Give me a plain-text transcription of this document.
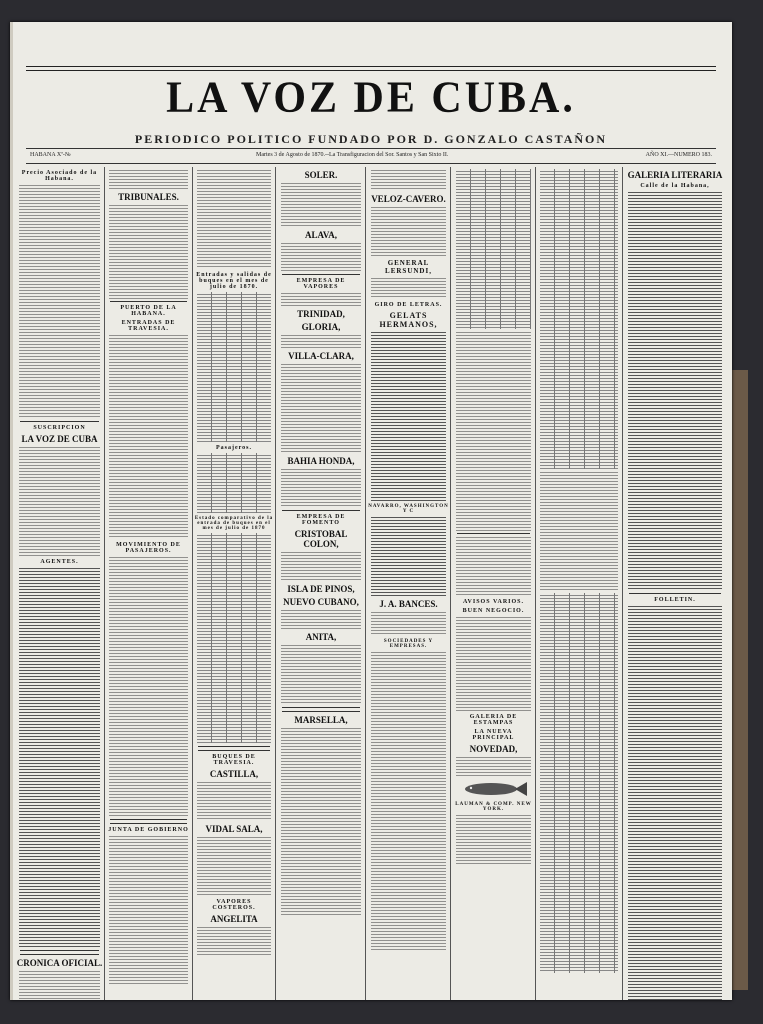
LA VOZ DE CUBA.
PERIODICO POLITICO FUNDADO POR D. GONZALO CASTAÑON
HABANA Xª-№	Martes 3 de Agosto de 1870.--La Transfiguracion del Sor. Santos y San Sixto II.	AÑO XI.—NUMERO 183.
Precio Asociado de la Habana.
SUSCRIPCION
LA VOZ DE CUBA
AGENTES.
CRONICA OFICIAL.
TRIBUNALES.
PUERTO DE LA HABANA.
ENTRADAS DE TRAVESIA.
MOVIMIENTO DE PASAJEROS.
JUNTA DE GOBIERNO
Entradas y salidas de buques en el mes de julio de 1870.
Pasajeros.
Estado comparativo de la entrada de buques en el mes de julio de 1870
BUQUES DE TRAVESIA.
CASTILLA,
VIDAL SALA,
VAPORES COSTEROS.
ANGELITA
SOLER.
ALAVA,
EMPRESA DE VAPORES
TRINIDAD,
GLORIA,
VILLA-CLARA,
BAHIA HONDA,
EMPRESA DE FOMENTO
CRISTOBAL COLON,
ISLA DE PINOS,
NUEVO CUBANO,
ANITA,
MARSELLA,
VELOZ-CAVERO.
GENERAL LERSUNDI,
GIRO DE LETRAS.
GELATS HERMANOS,
NAVARRO, WASHINGTON Y C
J. A. BANCES.
SOCIEDADES Y EMPRESAS.
AVISOS VARIOS.
BUEN NEGOCIO.
GALERIA DE ESTAMPAS
LA NUEVA PRINCIPAL
NOVEDAD,
LAUMAN & COMP. NEW YORK.
GALERIA LITERARIA
Calle de la Habana,
FOLLETIN.
